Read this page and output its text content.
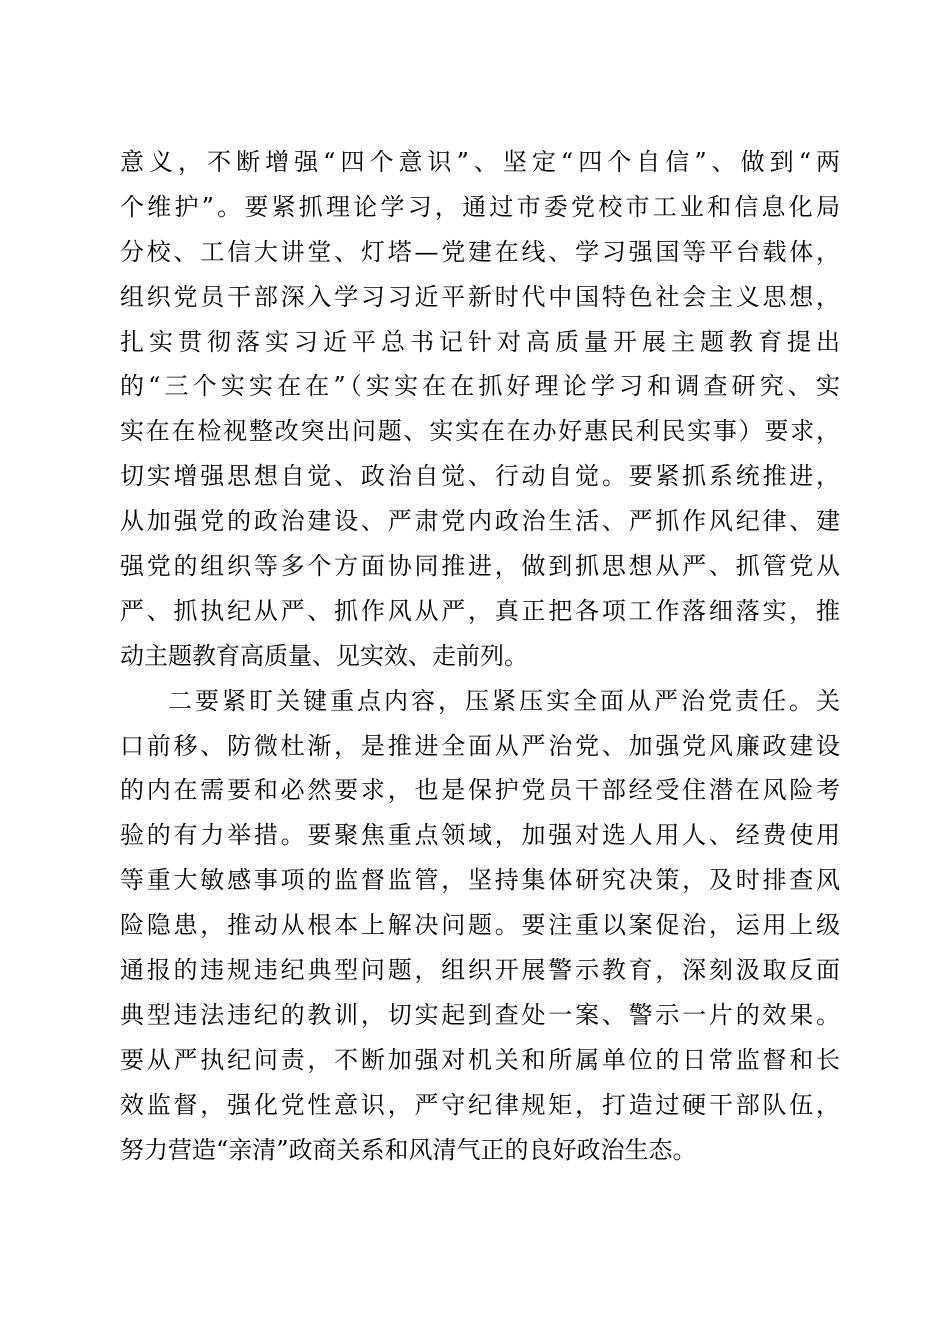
意义，不断增强“四个意识”、坚定“四个自信”、做到“两
个维护”。要紧抓理论学习，通过市委党校市工业和信息化局
分校、工信大讲堂、灯塔—党建在线、学习强国等平台载体，
组织党员干部深入学习习近平新时代中国特色社会主义思想，
扎实贯彻落实习近平总书记针对高质量开展主题教育提出
的“三个实实在在”（实实在在抓好理论学习和调查研究、实
实在在检视整改突出问题、实实在在办好惠民利民实事）要求，
切实增强思想自觉、政治自觉、行动自觉。要紧抓系统推进，
从加强党的政治建设、严肃党内政治生活、严抓作风纪律、建
强党的组织等多个方面协同推进，做到抓思想从严、抓管党从
严、抓执纪从严、抓作风从严，真正把各项工作落细落实，推
动主题教育高质量、见实效、走前列。
二要紧盯关键重点内容，压紧压实全面从严治党责任。关
口前移、防微杜渐，是推进全面从严治党、加强党风廉政建设
的内在需要和必然要求，也是保护党员干部经受住潜在风险考
验的有力举措。要聚焦重点领域，加强对选人用人、经费使用
等重大敏感事项的监督监管，坚持集体研究决策，及时排查风
险隐患，推动从根本上解决问题。要注重以案促治，运用上级
通报的违规违纪典型问题，组织开展警示教育，深刻汲取反面
典型违法违纪的教训，切实起到查处一案、警示一片的效果。
要从严执纪问责，不断加强对机关和所属单位的日常监督和长
效监督，强化党性意识，严守纪律规矩，打造过硬干部队伍，
努力营造“亲清”政商关系和风清气正的良好政治生态。
